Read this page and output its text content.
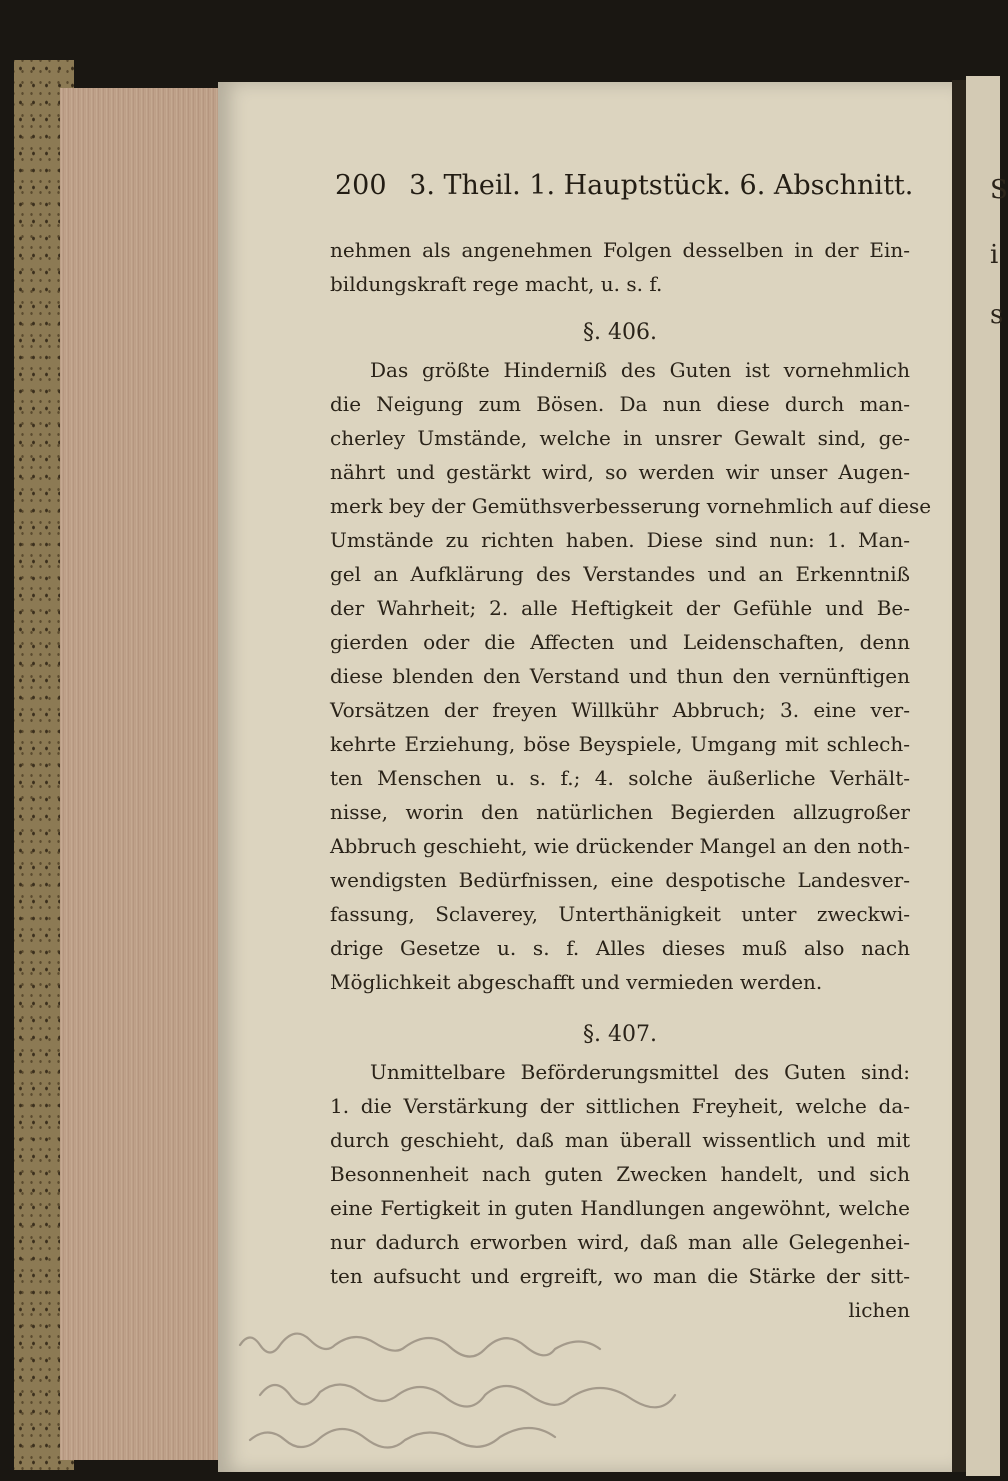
S
i
s
200 3. Theil. 1. Hauptstück. 6. Abschnitt.
nehmen als angenehmen Folgen desselben in der Ein-
bildungskraft rege macht, u. s. f.
§. 406.
Das größte Hinderniß des Guten ist vornehmlich
die Neigung zum Bösen. Da nun diese durch man-
cherley Umstände, welche in unsrer Gewalt sind, ge-
nährt und gestärkt wird, so werden wir unser Augen-
merk bey der Gemüthsverbesserung vornehmlich auf diese
Umstände zu richten haben. Diese sind nun: 1. Man-
gel an Aufklärung des Verstandes und an Erkenntniß
der Wahrheit; 2. alle Heftigkeit der Gefühle und Be-
gierden oder die Affecten und Leidenschaften, denn
diese blenden den Verstand und thun den vernünftigen
Vorsätzen der freyen Willkühr Abbruch; 3. eine ver-
kehrte Erziehung, böse Beyspiele, Umgang mit schlech-
ten Menschen u. s. f.; 4. solche äußerliche Verhält-
nisse, worin den natürlichen Begierden allzugroßer
Abbruch geschieht, wie drückender Mangel an den noth-
wendigsten Bedürfnissen, eine despotische Landesver-
fassung, Sclaverey, Unterthänigkeit unter zweckwi-
drige Gesetze u. s. f. Alles dieses muß also nach
Möglichkeit abgeschafft und vermieden werden.
§. 407.
Unmittelbare Beförderungsmittel des Guten sind:
1. die Verstärkung der sittlichen Freyheit, welche da-
durch geschieht, daß man überall wissentlich und mit
Besonnenheit nach guten Zwecken handelt, und sich
eine Fertigkeit in guten Handlungen angewöhnt, welche
nur dadurch erworben wird, daß man alle Gelegenhei-
ten aufsucht und ergreift, wo man die Stärke der sitt-
lichen
